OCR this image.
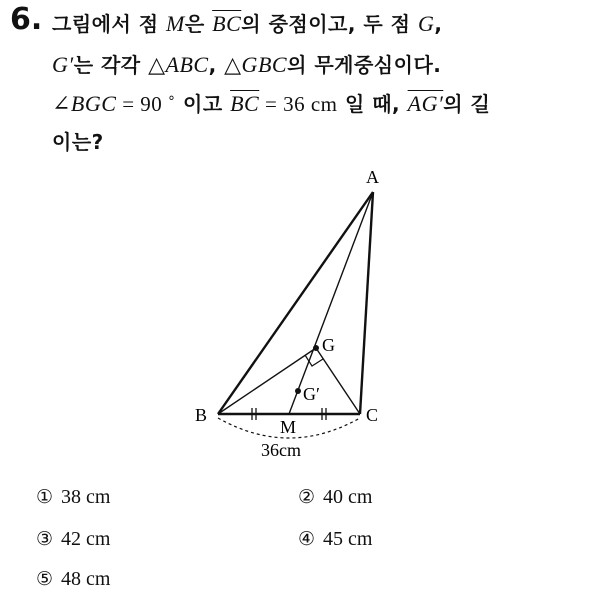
6. 그림에서 점 M은 $\overline{BC}$의 중점이고, 두 점 G,
G′는 각각 △ABC, △GBC의 무게중심이다.
∠BGC = 90 ˚ 이고 $\overline{BC} = 36$ cm 일 때, AG′의 길
이는?
A
B	C
G
G′
M
36cm
① 38 cm	② 40 cm
③ 42 cm	④ 45 cm
⑤ 48 cm
